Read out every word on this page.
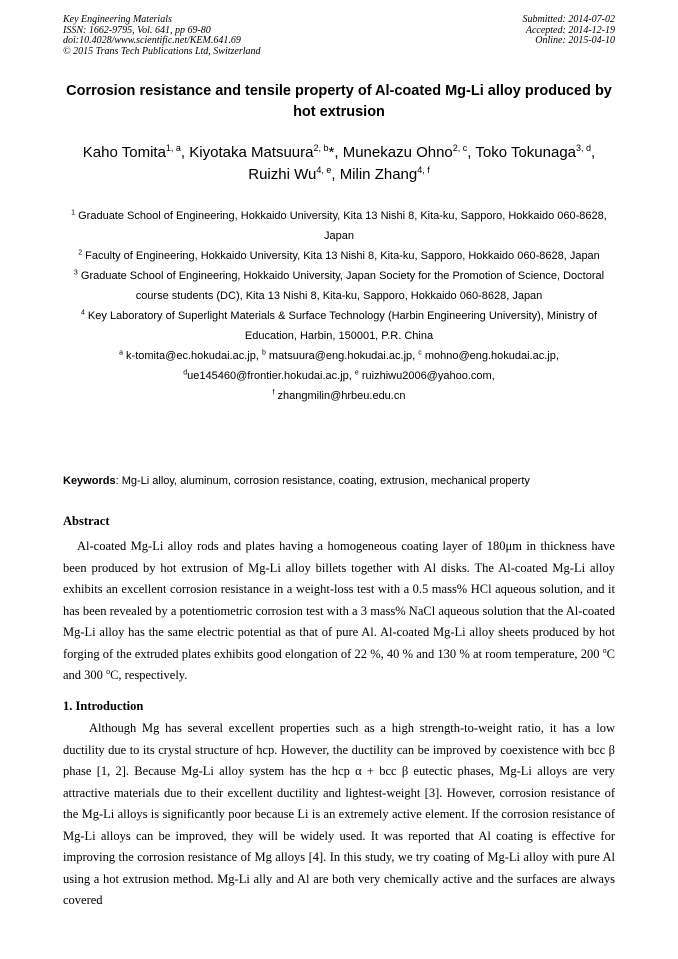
Key Engineering Materials
ISSN: 1662-9795, Vol. 641, pp 69-80
doi:10.4028/www.scientific.net/KEM.641.69
© 2015 Trans Tech Publications Ltd, Switzerland
Submitted: 2014-07-02
Accepted: 2014-12-19
Online: 2015-04-10
Corrosion resistance and tensile property of Al-coated Mg-Li alloy produced by hot extrusion
Kaho Tomita$^{1, a}$, Kiyotaka Matsuura$^{2, b}$*, Munekazu Ohno$^{2, c}$, Toko Tokunaga$^{3, d}$,
Ruizhi Wu$^{4, e}$, Milin Zhang$^{4, f}$

$^1$ Graduate School of Engineering, Hokkaido University, Kita 13 Nishi 8, Kita-ku, Sapporo, Hokkaido 060-8628, Japan

$^2$ Faculty of Engineering, Hokkaido University, Kita 13 Nishi 8, Kita-ku, Sapporo, Hokkaido 060-8628, Japan

$^3$ Graduate School of Engineering, Hokkaido University, Japan Society for the Promotion of Science, Doctoral course students (DC), Kita 13 Nishi 8, Kita-ku, Sapporo, Hokkaido 060-8628, Japan

$^4$ Key Laboratory of Superlight Materials & Surface Technology (Harbin Engineering University), Ministry of Education, Harbin, 150001, P.R. China

$^a$ k-tomita@ec.hokudai.ac.jp, $^b$ matsuura@eng.hokudai.ac.jp, $^c$ mohno@eng.hokudai.ac.jp,
$^d$ue145460@frontier.hokudai.ac.jp, $^e$ ruizhiwu2006@yahoo.com,
$^f$ zhangmilin@hrbeu.edu.cn

Keywords: Mg-Li alloy, aluminum, corrosion resistance, coating, extrusion, mechanical property
Abstract
Al-coated Mg-Li alloy rods and plates having a homogeneous coating layer of 180μm in thickness have been produced by hot extrusion of Mg-Li alloy billets together with Al disks. The Al-coated Mg-Li alloy exhibits an excellent corrosion resistance in a weight-loss test with a 0.5 mass% HCl aqueous solution, and it has been revealed by a potentiometric corrosion test with a 3 mass% NaCl aqueous solution that the Al-coated Mg-Li alloy has the same electric potential as that of pure Al. Al-coated Mg-Li alloy sheets produced by hot forging of the extruded plates exhibits good elongation of 22 %, 40 % and 130 % at room temperature, 200 $^o$C and 300 $^o$C, respectively.
1. Introduction
Although Mg has several excellent properties such as a high strength-to-weight ratio, it has a low ductility due to its crystal structure of hcp. However, the ductility can be improved by coexistence with bcc β phase [1, 2]. Because Mg-Li alloy system has the hcp α + bcc β eutectic phases, Mg-Li alloys are very attractive materials due to their excellent ductility and lightest-weight [3]. However, corrosion resistance of the Mg-Li alloys is significantly poor because Li is an extremely active element. If the corrosion resistance of Mg-Li alloys can be improved, they will be widely used. It was reported that Al coating is effective for improving the corrosion resistance of Mg alloys [4]. In this study, we try coating of Mg-Li alloy with pure Al using a hot extrusion method. Mg-Li ally and Al are both very chemically active and the surfaces are always covered
